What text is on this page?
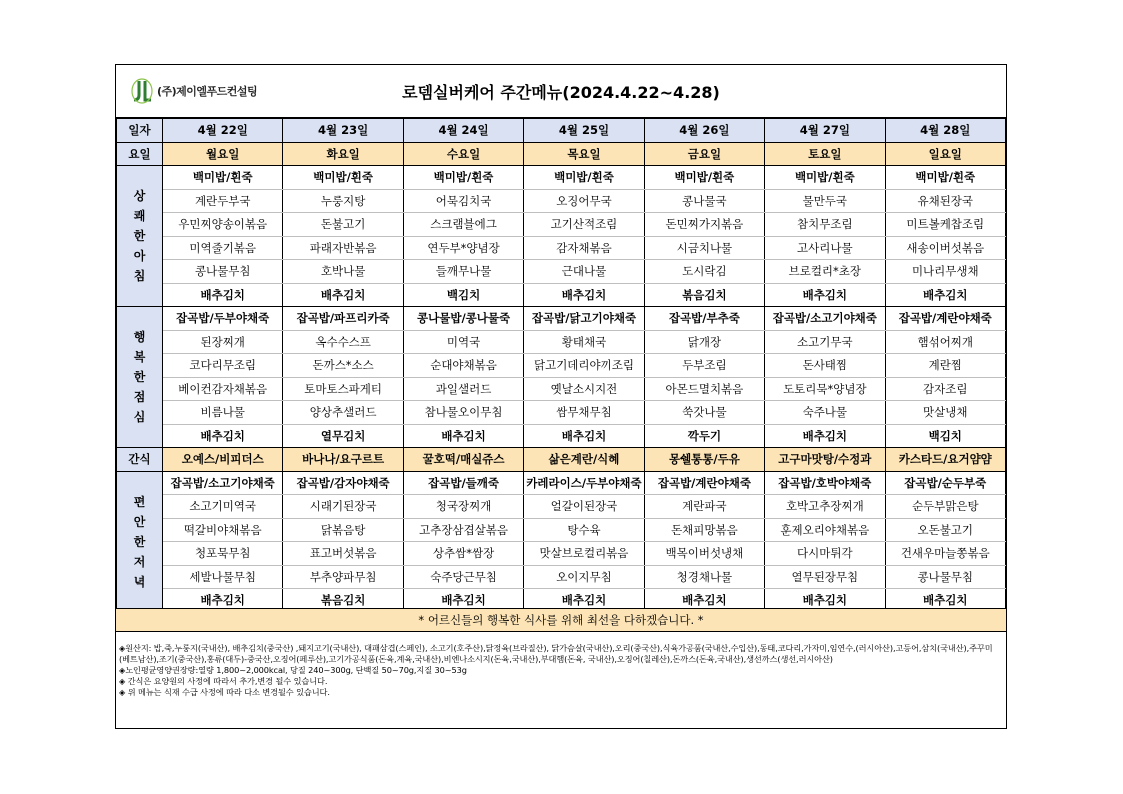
(주)제이엘푸드컨설팅	로뎀실버케어 주간메뉴(2024.4.22~4.28)
일자	4월 22일	4월 23일	4월 24일	4월 25일	4월 26일	4월 27일	4월 28일
요일	월요일	화요일	수요일	목요일	금요일	토요일	일요일
상
쾌
한
아
침	백미밥/흰죽	백미밥/흰죽	백미밥/흰죽	백미밥/흰죽	백미밥/흰죽	백미밥/흰죽	백미밥/흰죽
	계란두부국	누룽지탕	어묵김치국	오징어무국	콩나물국	물만두국	유채된장국
	우민찌양송이볶음	돈불고기	스크램블에그	고기산적조림	돈민찌가지볶음	참치무조림	미트볼케찹조림
	미역줄기볶음	파래자반볶음	연두부*양념장	감자채볶음	시금치나물	고사리나물	새송이버섯볶음
	콩나물무침	호박나물	들깨무나물	근대나물	도시락김	브로컬리*초장	미나리무생채
	배추김치	배추김치	백김치	배추김치	볶음김치	배추김치	배추김치
행
복
한
점
심	잡곡밥/두부야채죽	잡곡밥/파프리카죽	콩나물밥/콩나물죽	잡곡밥/닭고기야채죽	잡곡밥/부추죽	잡곡밥/소고기야채죽	잡곡밥/계란야채죽
	된장찌개	옥수수스프	미역국	황태채국	닭개장	소고기무국	햄섞어찌개
	코다리무조림	돈까스*소스	순대야채볶음	닭고기데리야끼조림	두부조림	돈사태찜	계란찜
	베이컨감자채볶음	토마토스파게티	과일샐러드	옛날소시지전	아몬드멸치볶음	도토리묵*양념장	감자조림
	비름나물	양상추샐러드	참나물오이무침	쌈무채무침	쑥갓나물	숙주나물	맛살냉채
	배추김치	열무김치	배추김치	배추김치	깍두기	배추김치	백김치
간식	오예스/비피더스	바나나/요구르트	꿀호떡/매실쥬스	삶은계란/식혜	몽쉘통통/두유	고구마맛탕/수정과	카스타드/요거얌얌
편
안
한
저
녁	잡곡밥/소고기야채죽	잡곡밥/감자야채죽	잡곡밥/들깨죽	카레라이스/두부야채죽	잡곡밥/계란야채죽	잡곡밥/호박야채죽	잡곡밥/순두부죽
	소고기미역국	시래기된장국	청국장찌개	얼갈이된장국	계란파국	호박고추장찌개	순두부맑은탕
	떡갈비야채볶음	닭볶음탕	고추장삼겹살볶음	탕수육	돈채피망볶음	훈제오리야채볶음	오돈불고기
	청포묵무침	표고버섯볶음	상추쌈*쌈장	맛살브로컬리볶음	백목이버섯냉채	다시마튀각	건새우마늘쫑볶음
	세발나물무침	부추양파무침	숙주당근무침	오이지무침	청경채나물	열무된장무침	콩나물무침
	배추김치	볶음김치	배추김치	배추김치	배추김치	배추김치	배추김치
* 어르신들의 행복한 식사를 위해 최선을 다하겠습니다. *
◈원산지: 밥,죽,누룽지(국내산), 배추김치(중국산) ,돼지고기(국내산), 대패삼겹(스페인), 소고기(호주산),닭정육(브라질산), 닭가슴살(국내산),오리(중국산),식육가공품(국내산,수입산),동태,코다리,가자미,임연수,(러시아산),고등어,삼치(국내산),주꾸미(베트남산),조기(중국산),홍류(대두)-중국산,오징어(페루산),고기가공식품(돈육,계육,국내산),비엔나소시지(돈육,국내산),부대햄(돈육, 국내산),오징어(칠레산),돈까스(돈육,국내산),생선까스(생선,러시아산)
◈노인평균영양권장량:열량 1,800~2,000kcal, 당질 240~300g, 단백질 50~70g,지질 30~53g
◈ 간식은 요양원의 사정에 따라서 추가,변경 될수 있습니다.
◈ 위 메뉴는 식재 수급 사정에 따라 다소 변경될수 있습니다.
